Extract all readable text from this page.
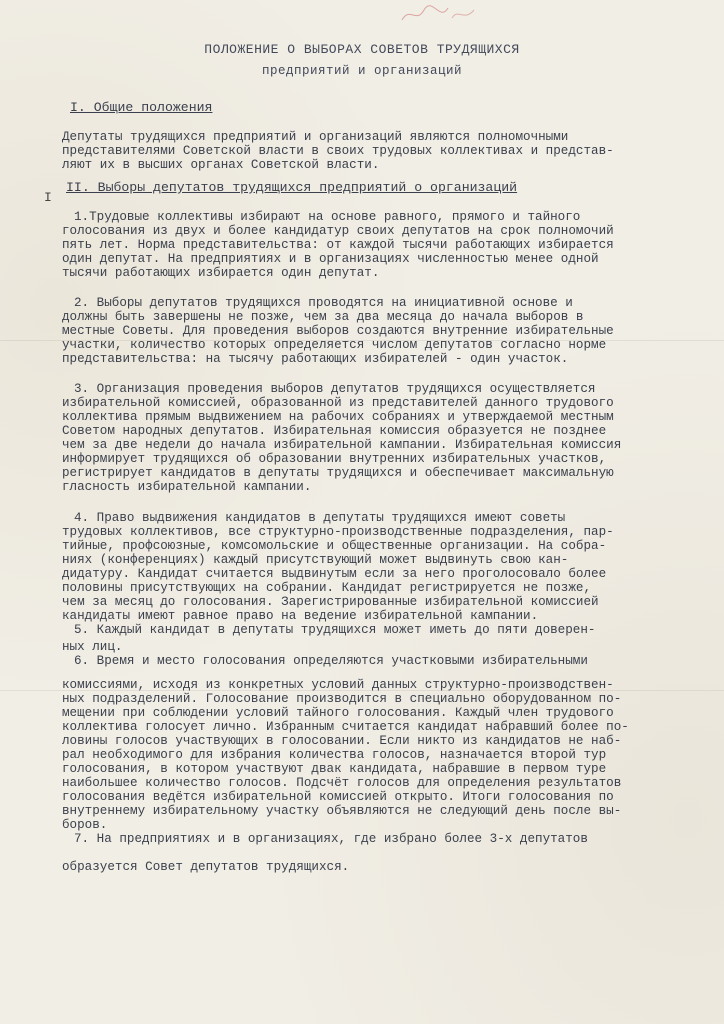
ПОЛОЖЕНИЕ О ВЫБОРАХ СОВЕТОВ ТРУДЯЩИХСЯ
предприятий и организаций
I
I. Общие положения
Депутаты трудящихся предприятий и организаций являются полномочными
представителями Советской власти в своих трудовых коллективах и представ-
ляют их в высших органах Советской власти.
II. Выборы депутатов трудящихся предприятий о организаций
1.Трудовые коллективы избирают на основе равного, прямого и тайного
голосования из двух и более кандидатур своих депутатов на срок полномочий
пять лет. Норма представительства: от каждой тысячи работающих избирается
один депутат. На предприятиях и в организациях численностью менее одной
тысячи работающих избирается один депутат.
2. Выборы депутатов трудящихся проводятся на инициативной основе и
должны быть завершены не позже, чем за два месяца до начала выборов в
местные Советы. Для проведения выборов создаются внутренние избирательные
участки, количество которых определяется числом депутатов согласно норме
представительства: на тысячу работающих избирателей - один участок.
3. Организация проведения выборов депутатов трудящихся осуществляется
избирательной комиссией, образованной из представителей данного трудового
коллектива прямым выдвижением на рабочих собраниях и утверждаемой местным
Советом народных депутатов. Избирательная комиссия образуется не позднее
чем за две недели до начала избирательной кампании. Избирательная комиссия
информирует трудящихся об образовании внутренних избирательных участков,
регистрирует кандидатов в депутаты трудящихся и обеспечивает максимальную
гласность избирательной кампании.
4. Право выдвижения кандидатов в депутаты трудящихся имеют советы
трудовых коллективов, все структурно-производственные подразделения, пар-
тийные, профсоюзные, комсомольские и общественные организации. На собра-
ниях (конференциях) каждый присутствующий может выдвинуть свою кан-
дидатуру. Кандидат считается выдвинутым если за него проголосовало более
половины присутствующих на собрании. Кандидат регистрируется не позже,
чем за месяц до голосования. Зарегистрированные избирательной комиссией
кандидаты имеют равное право на ведение избирательной кампании.
5. Каждый кандидат в депутаты трудящихся может иметь до пяти доверен-
ных лиц.
6. Время и место голосования определяются участковыми избирательными
комиссиями, исходя из конкретных условий данных структурно-производствен-
ных подразделений. Голосование производится в специально оборудованном по-
мещении при соблюдении условий тайного голосования. Каждый член трудового
коллектива голосует лично. Избранным считается кандидат набравший более по-
ловины голосов участвующих в голосовании. Если никто из кандидатов не наб-
рал необходимого для избрания количества голосов, назначается второй тур
голосования, в котором участвуют двак кандидата, набравшие в первом туре
наибольшее количество голосов. Подсчёт голосов для определения результатов
голосования ведётся избирательной комиссией открыто. Итоги голосования по
внутреннему избирательному участку объявляются не следующий день после вы-
боров.
7. На предприятиях и в организациях, где избрано более 3-х депутатов
образуется Совет депутатов трудящихся.
